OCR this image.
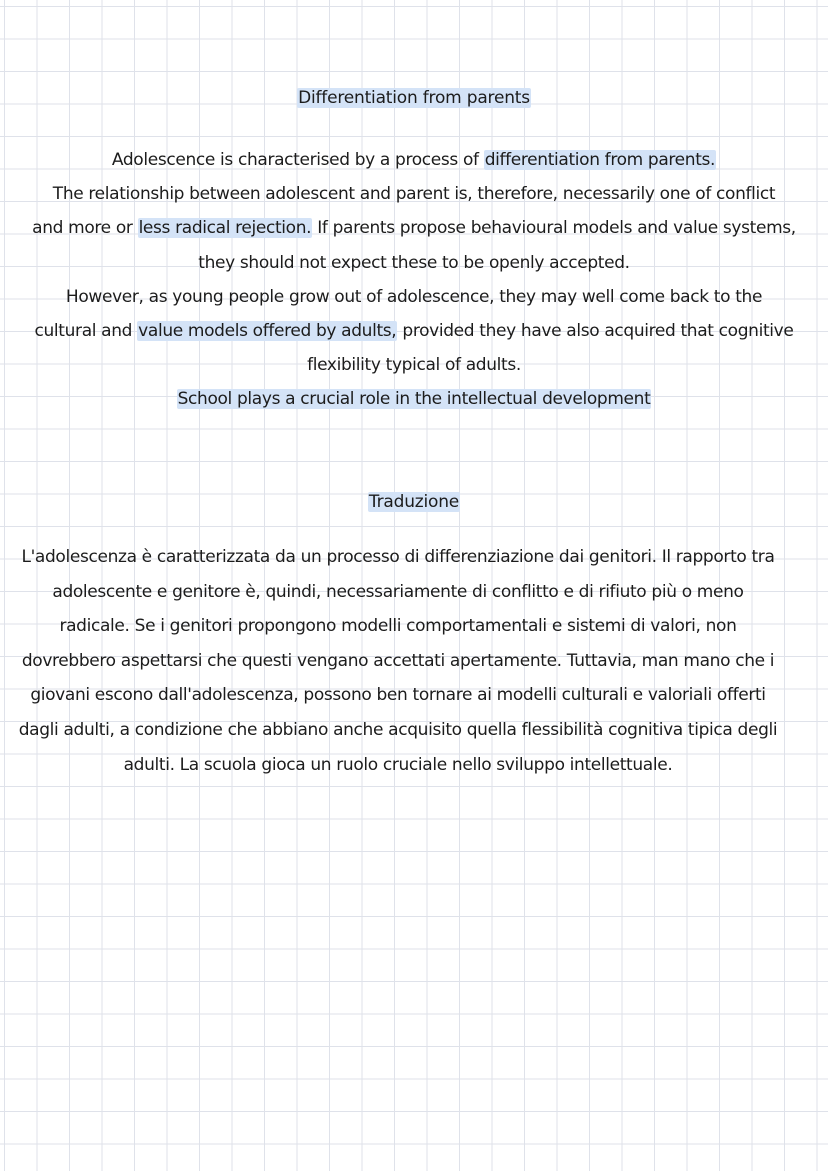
Differentiation from parents
Adolescence is characterised by a process of differentiation from parents.
The relationship between adolescent and parent is, therefore, necessarily one of conflict
and more or less radical rejection. If parents propose behavioural models and value systems,
they should not expect these to be openly accepted.
However, as young people grow out of adolescence, they may well come back to the
cultural and value models offered by adults, provided they have also acquired that cognitive
flexibility typical of adults.
School plays a crucial role in the intellectual development
Traduzione
L'adolescenza è caratterizzata da un processo di differenziazione dai genitori. Il rapporto tra
adolescente e genitore è, quindi, necessariamente di conflitto e di rifiuto più o meno
radicale. Se i genitori propongono modelli comportamentali e sistemi di valori, non
dovrebbero aspettarsi che questi vengano accettati apertamente. Tuttavia, man mano che i
giovani escono dall'adolescenza, possono ben tornare ai modelli culturali e valoriali offerti
dagli adulti, a condizione che abbiano anche acquisito quella flessibilità cognitiva tipica degli
adulti. La scuola gioca un ruolo cruciale nello sviluppo intellettuale.
